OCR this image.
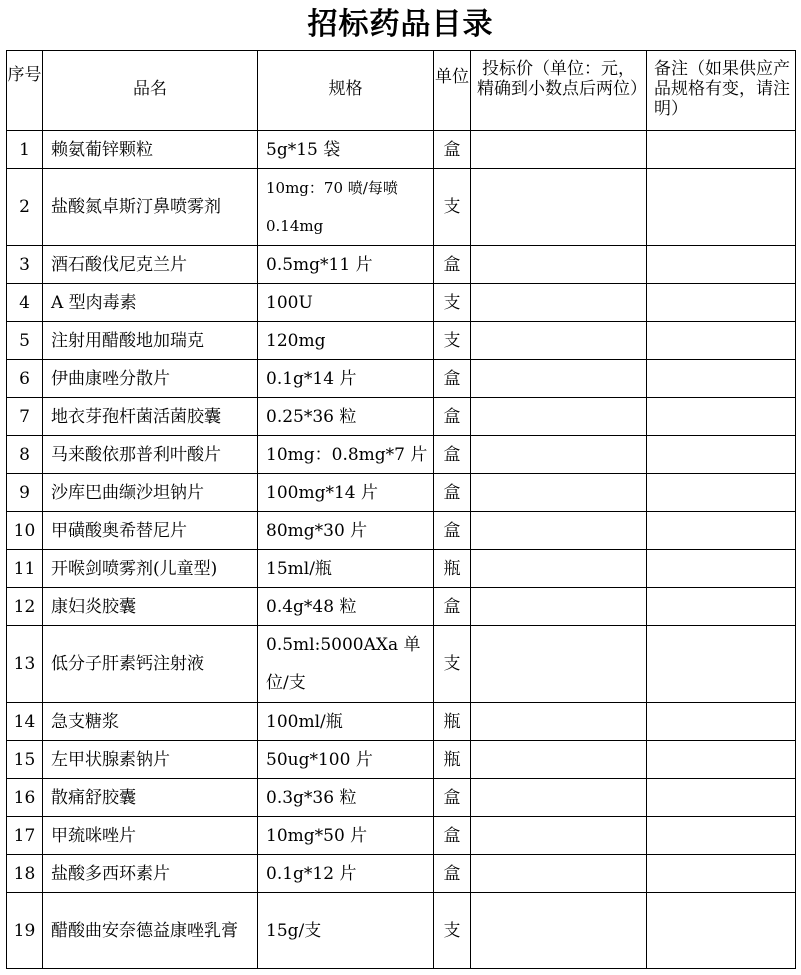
招标药品目录
序号	品名	规格	单位	投标价（单位：元，精确到小数点后两位）	备注（如果供应产品规格有变，请注明）
1	赖氨葡锌颗粒	5g*15 袋	盒		
2	盐酸氮卓斯汀鼻喷雾剂	10mg：70 喷/每喷 0.14mg	支		
3	酒石酸伐尼克兰片	0.5mg*11 片	盒		
4	A 型肉毒素	100U	支		
5	注射用醋酸地加瑞克	120mg	支		
6	伊曲康唑分散片	0.1g*14 片	盒		
7	地衣芽孢杆菌活菌胶囊	0.25*36 粒	盒		
8	马来酸依那普利叶酸片	10mg：0.8mg*7 片	盒		
9	沙库巴曲缬沙坦钠片	100mg*14 片	盒		
10	甲磺酸奥希替尼片	80mg*30 片	盒		
11	开喉剑喷雾剂(儿童型)	15ml/瓶	瓶		
12	康妇炎胶囊	0.4g*48 粒	盒		
13	低分子肝素钙注射液	0.5ml:5000AXa 单位/支	支		
14	急支糖浆	100ml/瓶	瓶		
15	左甲状腺素钠片	50ug*100 片	瓶		
16	散痛舒胶囊	0.3g*36 粒	盒		
17	甲巯咪唑片	10mg*50 片	盒		
18	盐酸多西环素片	0.1g*12 片	盒		
19	醋酸曲安奈德益康唑乳膏	15g/支	支		
